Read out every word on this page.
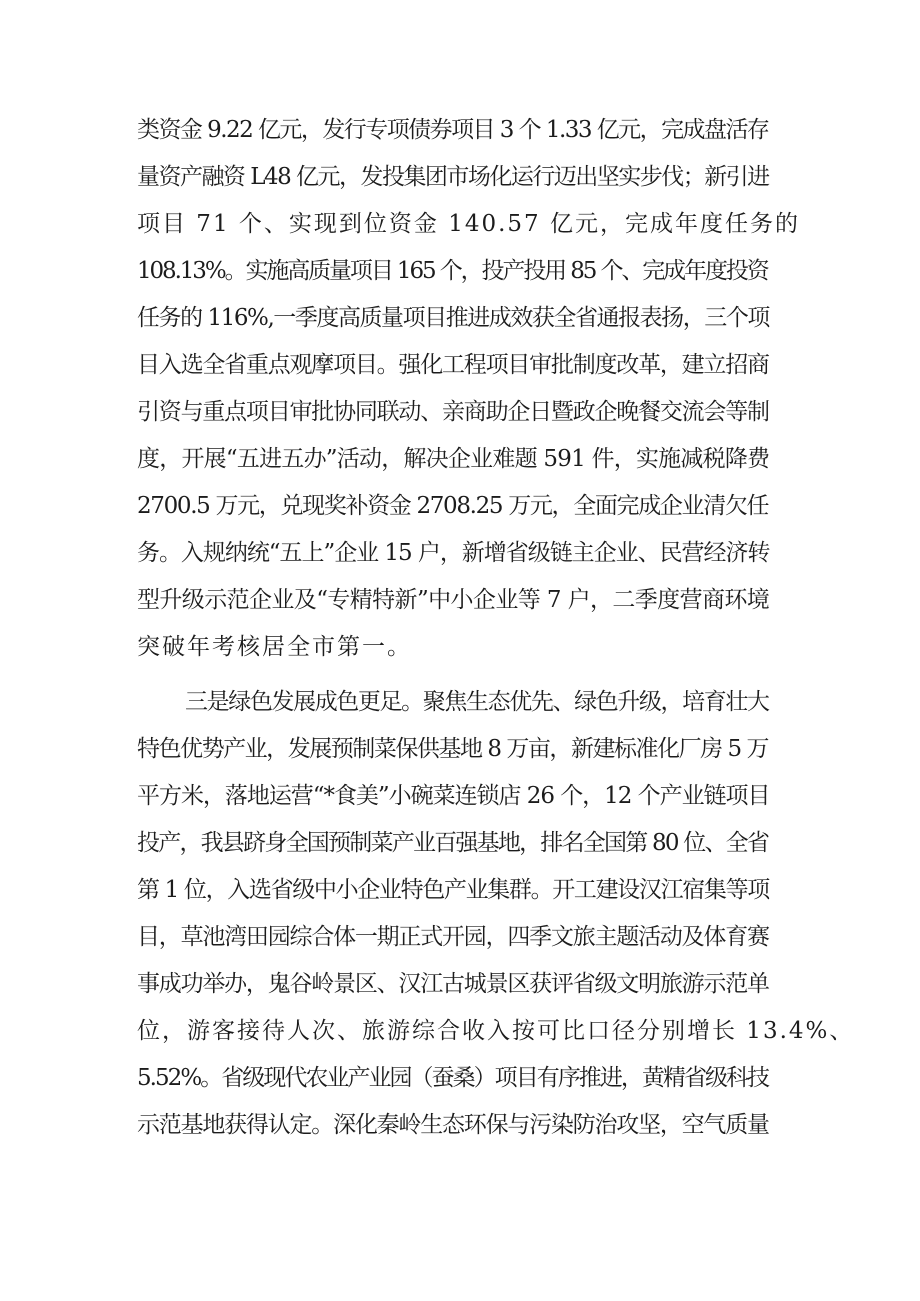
类资金 9.22 亿元，发行专项债券项目 3 个 1.33 亿元，完成盘活存
量资产融资 L48 亿元，发投集团市场化运行迈出坚实步伐；新引进
项目 71 个、实现到位资金 140.57 亿元，完成年度任务的
108.13%。实施高质量项目 165 个，投产投用 85 个、完成年度投资
任务的 116%,一季度高质量项目推进成效获全省通报表扬，三个项
目入选全省重点观摩项目。强化工程项目审批制度改革，建立招商
引资与重点项目审批协同联动、亲商助企日暨政企晚餐交流会等制
度，开展“五进五办”活动，解决企业难题 591 件，实施减税降费
2700.5 万元，兑现奖补资金 2708.25 万元，全面完成企业清欠任
务。入规纳统“五上”企业 15 户，新增省级链主企业、民营经济转
型升级示范企业及“专精特新”中小企业等 7 户，二季度营商环境
突破年考核居全市第一。
三是绿色发展成色更足。聚焦生态优先、绿色升级，培育壮大
特色优势产业，发展预制菜保供基地 8 万亩，新建标准化厂房 5 万
平方米，落地运营“*食美”小碗菜连锁店 26 个，12 个产业链项目
投产，我县跻身全国预制菜产业百强基地，排名全国第 80 位、全省
第 1 位，入选省级中小企业特色产业集群。开工建设汉江宿集等项
目，草池湾田园综合体一期正式开园，四季文旅主题活动及体育赛
事成功举办，鬼谷岭景区、汉江古城景区获评省级文明旅游示范单
位，游客接待人次、旅游综合收入按可比口径分别增长 13.4%、
5.52%。省级现代农业产业园（蚕桑）项目有序推进，黄精省级科技
示范基地获得认定。深化秦岭生态环保与污染防治攻坚，空气质量
